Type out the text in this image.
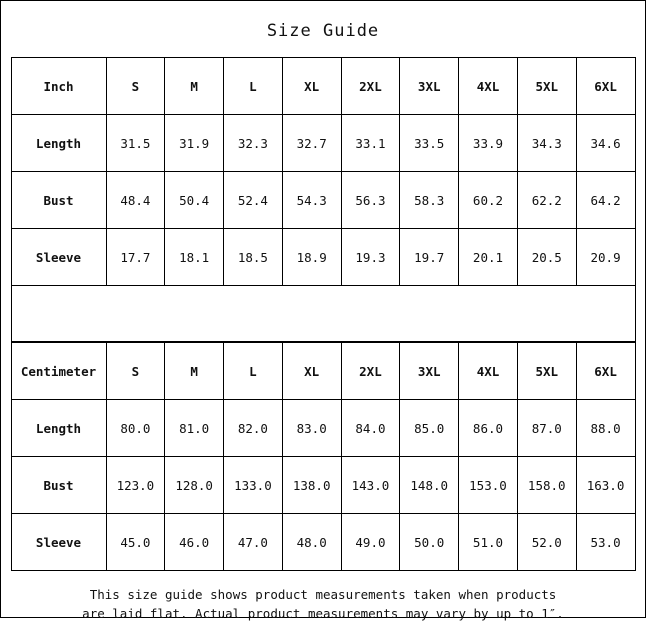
Size Guide
Inch	S	M	L	XL	2XL	3XL	4XL	5XL	6XL
Length	31.5	31.9	32.3	32.7	33.1	33.5	33.9	34.3	34.6
Bust	48.4	50.4	52.4	54.3	56.3	58.3	60.2	62.2	64.2
Sleeve	17.7	18.1	18.5	18.9	19.3	19.7	20.1	20.5	20.9
Centimeter	S	M	L	XL	2XL	3XL	4XL	5XL	6XL
Length	80.0	81.0	82.0	83.0	84.0	85.0	86.0	87.0	88.0
Bust	123.0	128.0	133.0	138.0	143.0	148.0	153.0	158.0	163.0
Sleeve	45.0	46.0	47.0	48.0	49.0	50.0	51.0	52.0	53.0
This size guide shows product measurements taken when products
are laid flat. Actual product measurements may vary by up to 1″.
